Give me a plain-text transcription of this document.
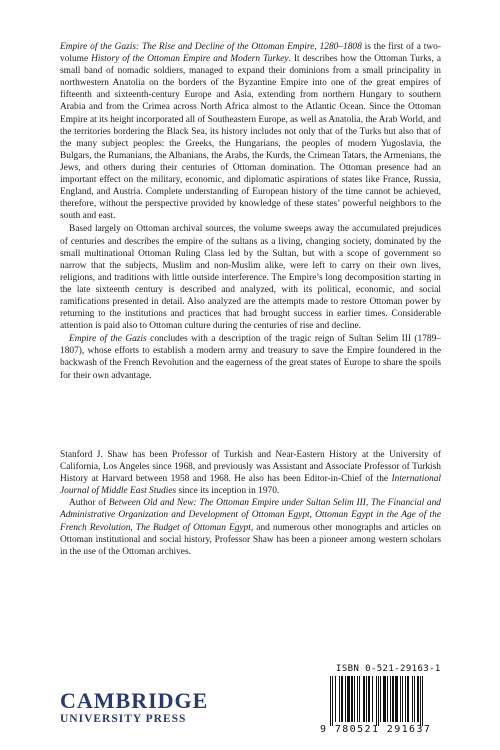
Empire of the Gazis: The Rise and Decline of the Ottoman Empire, 1280–1808 is the first of a two-volume History of the Ottoman Empire and Modern Turkey. It describes how the Ottoman Turks, a small band of nomadic soldiers, managed to expand their dominions from a small principality in northwestern Anatolia on the borders of the Byzantine Empire into one of the great empires of fifteenth and sixteenth-century Europe and Asia, extending from northern Hungary to southern Arabia and from the Crimea across North Africa almost to the Atlantic Ocean. Since the Ottoman Empire at its height incorporated all of Southeastern Europe, as well as Anatolia, the Arab World, and the territories bordering the Black Sea, its history includes not only that of the Turks but also that of the many subject peoples: the Greeks, the Hungarians, the peoples of modern Yugoslavia, the Bulgars, the Rumanians, the Albanians, the Arabs, the Kurds, the Crimean Tatars, the Armenians, the Jews, and others during their centuries of Ottoman domination. The Ottoman presence had an important effect on the military, economic, and diplomatic aspirations of states like France, Russia, England, and Austria. Complete understanding of European history of the time cannot be achieved, therefore, without the perspective provided by knowledge of these states’ powerful neighbors to the south and east.

Based largely on Ottoman archival sources, the volume sweeps away the accumulated prejudices of centuries and describes the empire of the sultans as a living, changing society, dominated by the small multinational Ottoman Ruling Class led by the Sultan, but with a scope of government so narrow that the subjects, Muslim and non-Muslim alike, were left to carry on their own lives, religions, and traditions with little outside interference. The Empire’s long decomposition starting in the late sixteenth century is described and analyzed, with its political, economic, and social ramifications presented in detail. Also analyzed are the attempts made to restore Ottoman power by returning to the institutions and practices that had brought success in earlier times. Considerable attention is paid also to Ottoman culture during the centuries of rise and decline.

Empire of the Gazis concludes with a description of the tragic reign of Sultan Selim III (1789–1807), whose efforts to establish a modern army and treasury to save the Empire foundered in the backwash of the French Revolution and the eagerness of the great states of Europe to share the spoils for their own advantage.

Stanford J. Shaw has been Professor of Turkish and Near-Eastern History at the University of California, Los Angeles since 1968, and previously was Assistant and Associate Professor of Turkish History at Harvard between 1958 and 1968. He also has been Editor-in-Chief of the International Journal of Middle East Studies since its inception in 1970.

Author of Between Old and New: The Ottoman Empire under Sultan Selim III, The Financial and Administrative Organization and Development of Ottoman Egypt, Ottoman Egypt in the Age of the French Revolution, The Budget of Ottoman Egypt, and numerous other monographs and articles on Ottoman institutional and social history, Professor Shaw has been a pioneer among western scholars in the use of the Ottoman archives.

CAMBRIDGE
UNIVERSITY PRESS
ISBN 0-521-29163-1
9 780521 291637
